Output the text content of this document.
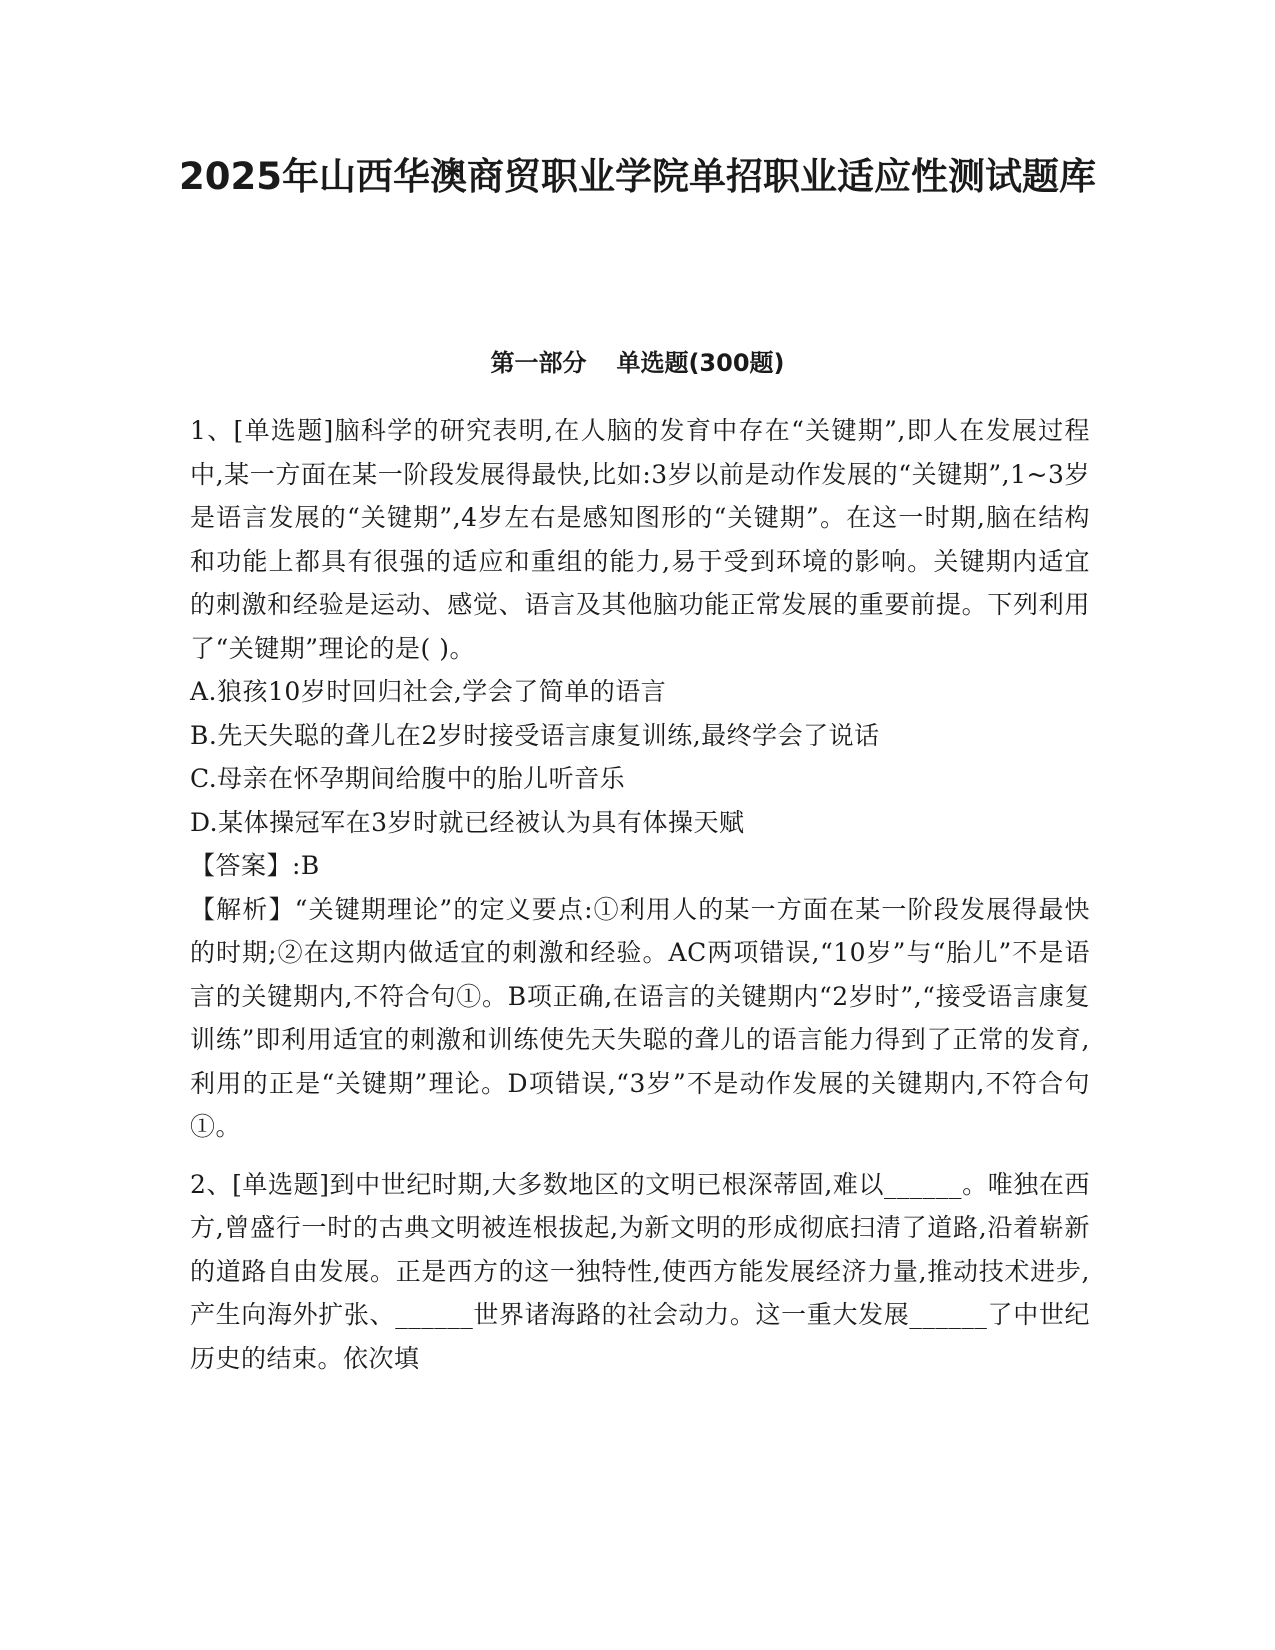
2025年山西华澳商贸职业学院单招职业适应性测试题库
第一部分 单选题(300题)

1、[单选题]脑科学的研究表明,在人脑的发育中存在“关键期”,即人在发展过程中,某一方面在某一阶段发展得最快,比如:3岁以前是动作发展的“关键期”,1~3岁是语言发展的“关键期”,4岁左右是感知图形的“关键期”。在这一时期,脑在结构和功能上都具有很强的适应和重组的能力,易于受到环境的影响。关键期内适宜的刺激和经验是运动、感觉、语言及其他脑功能正常发展的重要前提。下列利用了“关键期”理论的是( )。

A.狼孩10岁时回归社会,学会了简单的语言

B.先天失聪的聋儿在2岁时接受语言康复训练,最终学会了说话

C.母亲在怀孕期间给腹中的胎儿听音乐

D.某体操冠军在3岁时就已经被认为具有体操天赋

【答案】:B

【解析】“关键期理论”的定义要点:①利用人的某一方面在某一阶段发展得最快的时期;②在这期内做适宜的刺激和经验。AC两项错误,“10岁”与“胎儿”不是语言的关键期内,不符合句①。B项正确,在语言的关键期内“2岁时”,“接受语言康复训练”即利用适宜的刺激和训练使先天失聪的聋儿的语言能力得到了正常的发育,利用的正是“关键期”理论。D项错误,“3岁”不是动作发展的关键期内,不符合句①。

2、[单选题]到中世纪时期,大多数地区的文明已根深蒂固,难以______。唯独在西方,曾盛行一时的古典文明被连根拔起,为新文明的形成彻底扫清了道路,沿着崭新的道路自由发展。正是西方的这一独特性,使西方能发展经济力量,推动技术进步,产生向海外扩张、______世界诸海路的社会动力。这一重大发展______了中世纪历史的结束。依次填
